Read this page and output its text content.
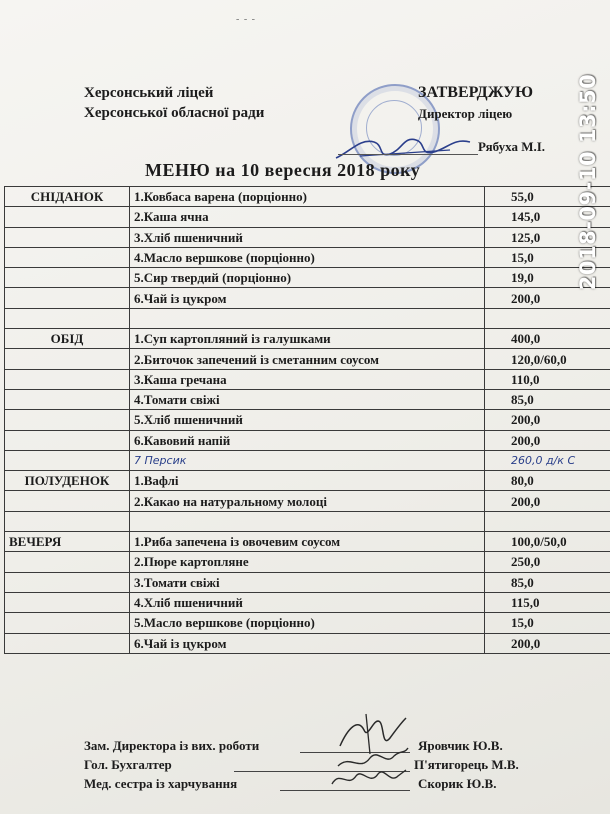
- - -
Херсонський ліцей
Херсонської обласної ради
ЗАТВЕРДЖУЮ
Директор ліцею
Рябуха М.І.
МЕНЮ на 10 вересня 2018 року
СНІДАНОК	1.Ковбаса варена (порціонно)	55,0
	2.Каша ячна	145,0
	3.Хліб пшеничний	125,0
	4.Масло вершкове (порціонно)	15,0
	5.Сир твердий (порціонно)	19,0
	6.Чай із цукром	200,0

ОБІД	1.Суп картопляний із галушками	400,0
	2.Биточок запечений із сметанним соусом	120,0/60,0
	3.Каша гречана	110,0
	4.Томати свіжі	85,0
	5.Хліб пшеничний	200,0
	6.Кавовий напій	200,0
	7 Персик	260,0 д/к С
ПОЛУДЕНОК	1.Вафлі	80,0
	2.Какао на натуральному молоці	200,0

ВЕЧЕРЯ	1.Риба запечена із овочевим соусом	100,0/50,0
	2.Пюре картопляне	250,0
	3.Томати свіжі	85,0
	4.Хліб пшеничний	115,0
	5.Масло вершкове (порціонно)	15,0
	6.Чай із цукром	200,0
2018-09-10 13:50
Зам. Директора із вих. роботи	Яровчик Ю.В.
Гол. Бухгалтер	П'ятигорець М.В.
Мед. сестра із харчування	Скорик Ю.В.
